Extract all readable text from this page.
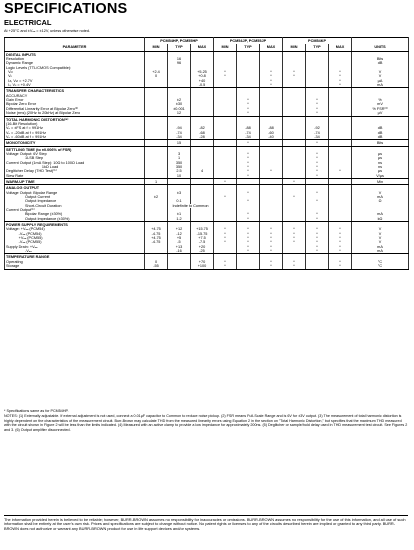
SPECIFICATIONS
ELECTRICAL
At +25°C and ±Vₐₐ = ±12V, unless otherwise noted.
	PCM54HP, PCM55HP			PCM54JP, PCM55JP			PCM54KP			
PARAMETER	MIN	TYP	MAX	MIN	TYP	MAX	MIN	TYP	MAX	UNITS
DIGITAL INPUTS										
Resolution		16								Bits
Dynamic Range		96								dB
Logic Levels (TTL/CMOS Compatible):										
Vᵢₕ	+2.4		+5.25	*		*	*		*	V
Vᵢₗ	0		+0.8	*		*	*		*	V
Iᵢₕ, Vᵢₕ = +2.7V			+40			*			*	µA
Iᵢₗ, Vᵢₗ = +0.4V			-0.5			*			*	mA
TRANSFER CHARACTERISTICS										
ACCURACY										
Gain Error		±2			*			*		%
Bipolar Zero Error		±30			*			*		mV
Differential Linearity Error at Bipolar Zero⁽²⁾		±0.001			*			*		% FSR⁽³⁾
Noise (rms) (20Hz to 20kHz) at Bipolar Zero		12			*			*		µV
TOTAL HARMONIC DISTORTION⁽⁴⁾										
(16-Bit Resolution)										
Vₒ = ±FS at f = 991Hz		-94	-82		-88	-88		-92		dB
Vₒ = -20dB at f = 991Hz		-74	-68		-74	-60		-74		dB
Vₒ = -60dB at f = 991Hz		-34	-28		-34	-40		-34		dB
MONOTONICITY		15			*			*		Bits
SETTLING TIME (to ±0.006% of FSR)										
Voltage Output: 6V Step		3			*			*		µs
1LSB Step		1			*			*		µs
Current Output (1mA Step): 10Ω to 100Ω Load		350			*			*		ns
1kΩ Load		350			*			*		ns
Deglitcher Delay (THD Test)⁽⁵⁾		2.5	4		*	*		*	*	µs
Slew Rate		10			*			*		V/µs
WARM-UP TIME	1			*			*			Min
ANALOG OUTPUT										
Voltage Output: Bipolar Range		±3			*			*		V
Output Current	±2			*			*			mA
Output Impedance		0.1			*			*		Ω
Short-Circuit Duration		Indefinite to Common								
Current Output⁽⁶⁾										
Bipolar Range (±30%)		±1			*			*		mA
Output Impedance (±30%)		1.2			*			*		kΩ
POWER SUPPLY REQUIREMENTS										
Voltage: +Vₐₐ (PCM54)	+4.75	+12	+15.75	*	*	*	*	*	*	V
-Vₐₐ (PCM54)	-4.75	-12	-15.75	*	*	*	*	*	*	V
+Vₐₐ (PCM55)	+4.75	+5	+7.5	*	*	*	*	*	*	V
-Vₐₐ (PCM55)	-4.75	-5	-7.5	*	*	*	*	*	*	V
Supply Drain: +Vₐₐ		+13	+20		*	*		*	*	mA
-Vₐₐ		-16	-25		*	*		*	*	mA
TEMPERATURE RANGE										
Operating	0		+70	*		*	*		*	°C
Storage	-55		+100	*		*	*		*	°C

* Specifications same as for PCM54HP.

NOTES: (1) Externally adjustable. If external adjustment is not used, connect a 0.01µF capacitor to Common to reduce noise pickup. (2) FSR means Full-Scale Range and is 6V for ±3V output. (3) The measurement of total harmonic distortion is highly dependent on the characteristics of the measurement circuit. Burr-Brown may calculate THD from the measured linearity errors using Equation 2 in the section on "Total Harmonic Distortion," but specifies that the maximum THD measured with the circuit shown in Figure 2 will be less than the limits indicated. (4) Measured with an active clamp to provide a low impedance for approximately 200ns. (5) Deglitcher or sample/hold delay used in THD measurement test circuit. See Figures 2 and 3. (6) Output amplifier disconnected.

The information provided herein is believed to be reliable; however, BURR-BROWN assumes no responsibility for inaccuracies or omissions. BURR-BROWN assumes no responsibility for the use of this information, and all use of such information shall be entirely at the user's own risk. Prices and specifications are subject to change without notice. No patent rights or licenses to any of the circuits described herein are implied or granted to any third party. BURR-BROWN does not authorize or warrant any BURR-BROWN product for use in life support devices and/or systems.
